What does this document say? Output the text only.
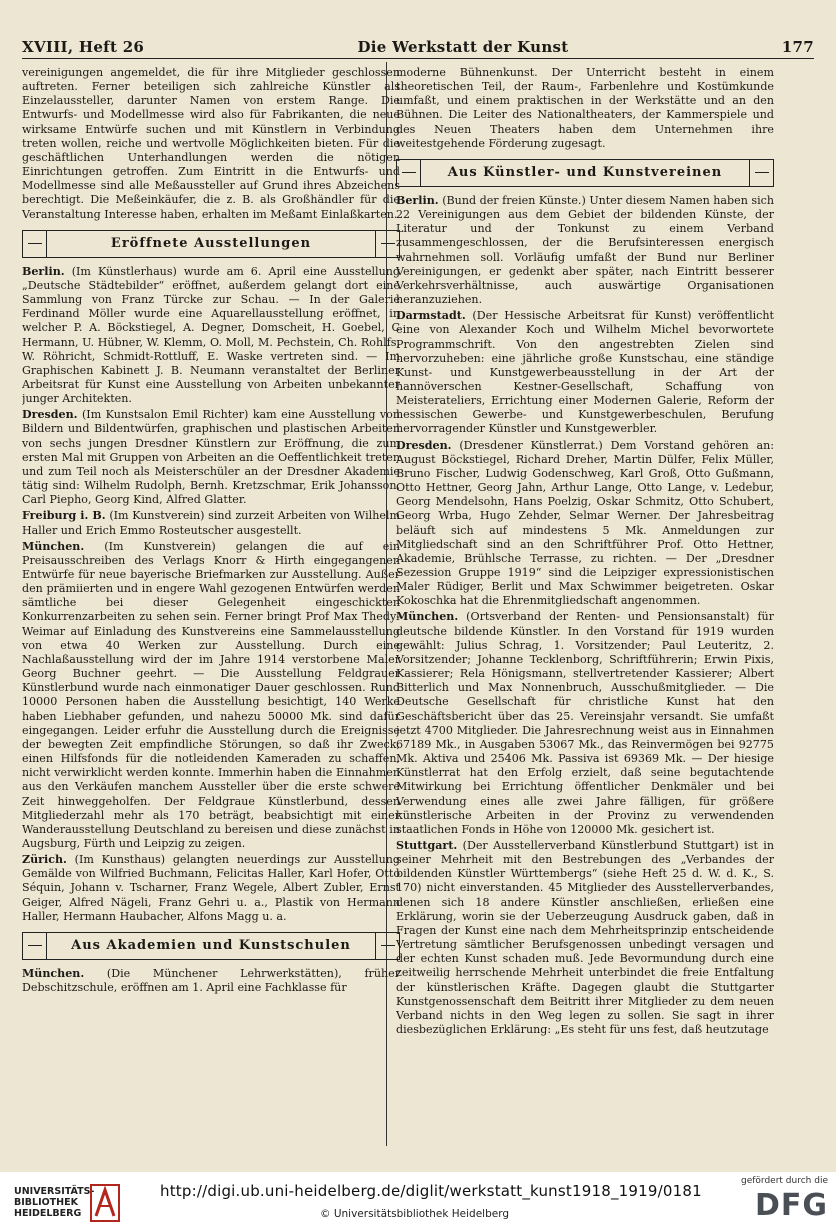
XVIII, Heft 26	Die Werkstatt der Kunst	177

vereinigungen angemeldet, die für ihre Mitglieder geschlossen auftreten. Ferner beteiligen sich zahlreiche Künstler als Einzelaussteller, darunter Namen von erstem Range. Die Entwurfs- und Modellmesse wird also für Fabrikanten, die neue wirksame Entwürfe suchen und mit Künstlern in Verbindung treten wollen, reiche und wertvolle Möglichkeiten bieten. Für die geschäftlichen Unterhandlungen werden die nötigen Einrichtungen getroffen. Zum Eintritt in die Entwurfs- und Modellmesse sind alle Meßaussteller auf Grund ihres Abzeichens berechtigt. Die Meßeinkäufer, die z. B. als Großhändler für die Veranstaltung Interesse haben, erhalten im Meßamt Einlaßkarten.

Eröffnete Ausstellungen

Berlin. (Im Künstlerhaus) wurde am 6. April eine Ausstellung „Deutsche Städtebilder“ eröffnet, außerdem gelangt dort eine Sammlung von Franz Türcke zur Schau. — In der Galerie Ferdinand Möller wurde eine Aquarellausstellung eröffnet, in welcher P. A. Böckstiegel, A. Degner, Domscheit, H. Goebel, C Hermann, U. Hübner, W. Klemm, O. Moll, M. Pechstein, Ch. Rohlfs, W. Röhricht, Schmidt-Rottluff, E. Waske vertreten sind. — Im Graphischen Kabinett J. B. Neumann veranstaltet der Berliner Arbeitsrat für Kunst eine Ausstellung von Arbeiten unbekannter junger Architekten.

Dresden. (Im Kunstsalon Emil Richter) kam eine Ausstellung von Bildern und Bildentwürfen, graphischen und plastischen Arbeiten von sechs jungen Dresdner Künstlern zur Eröffnung, die zum ersten Mal mit Gruppen von Arbeiten an die Oeffentlichkeit treten und zum Teil noch als Meisterschüler an der Dresdner Akademie tätig sind: Wilhelm Rudolph, Bernh. Kretzschmar, Erik Johansson, Carl Piepho, Georg Kind, Alfred Glatter.

Freiburg i. B. (Im Kunstverein) sind zurzeit Arbeiten von Wilhelm Haller und Erich Emmo Rosteutscher ausgestellt.

München. (Im Kunstverein) gelangen die auf ein Preisausschreiben des Verlags Knorr & Hirth eingegangenen Entwürfe für neue bayerische Briefmarken zur Ausstellung. Außer den prämiierten und in engere Wahl gezogenen Entwürfen werden sämtliche bei dieser Gelegenheit eingeschickten Konkurrenzarbeiten zu sehen sein. Ferner bringt Prof Max Thedy-Weimar auf Einladung des Kunstvereins eine Sammelausstellung von etwa 40 Werken zur Ausstellung. Durch eine Nachlaßausstellung wird der im Jahre 1914 verstorbene Maler Georg Buchner geehrt. — Die Ausstellung Feldgrauer Künstlerbund wurde nach einmonatiger Dauer geschlossen. Rund 10000 Personen haben die Ausstellung besichtigt, 140 Werke haben Liebhaber gefunden, und nahezu 50000 Mk. sind dafür eingegangen. Leider erfuhr die Ausstellung durch die Ereignisse der bewegten Zeit empfindliche Störungen, so daß ihr Zweck, einen Hilfsfonds für die notleidenden Kameraden zu schaffen, nicht verwirklicht werden konnte. Immerhin haben die Einnahmen aus den Verkäufen manchem Aussteller über die erste schwere Zeit hinweggeholfen. Der Feldgraue Künstlerbund, dessen Mitgliederzahl mehr als 170 beträgt, beabsichtigt mit einer Wanderausstellung Deutschland zu bereisen und diese zunächst in Augsburg, Fürth und Leipzig zu zeigen.

Zürich. (Im Kunsthaus) gelangten neuerdings zur Ausstellung Gemälde von Wilfried Buchmann, Felicitas Haller, Karl Hofer, Otto Séquin, Johann v. Tscharner, Franz Wegele, Albert Zubler, Ernst Geiger, Alfred Nägeli, Franz Gehri u. a., Plastik von Hermann Haller, Hermann Haubacher, Alfons Magg u. a.

Aus Akademien und Kunstschulen

München. (Die Münchener Lehrwerkstätten), früher Debschitzschule, eröffnen am 1. April eine Fachklasse für

moderne Bühnenkunst. Der Unterricht besteht in einem theoretischen Teil, der Raum-, Farbenlehre und Kostümkunde umfaßt, und einem praktischen in der Werkstätte und an den Bühnen. Die Leiter des Nationaltheaters, der Kammerspiele und des Neuen Theaters haben dem Unternehmen ihre weitestgehende Förderung zugesagt.

Aus Künstler- und Kunstvereinen

Berlin. (Bund der freien Künste.) Unter diesem Namen haben sich 22 Vereinigungen aus dem Gebiet der bildenden Künste, der Literatur und der Tonkunst zu einem Verband zusammengeschlossen, der die Berufsinteressen energisch wahrnehmen soll. Vorläufig umfaßt der Bund nur Berliner Vereinigungen, er gedenkt aber später, nach Eintritt besserer Verkehrsverhältnisse, auch auswärtige Organisationen heranzuziehen.

Darmstadt. (Der Hessische Arbeitsrat für Kunst) veröffentlicht eine von Alexander Koch und Wilhelm Michel bevorwortete Programmschrift. Von den angestrebten Zielen sind hervorzuheben: eine jährliche große Kunstschau, eine ständige Kunst- und Kunstgewerbeausstellung in der Art der hannöverschen Kestner-Gesellschaft, Schaffung von Meisterateliers, Errichtung einer Modernen Galerie, Reform der hessischen Gewerbe- und Kunstgewerbeschulen, Berufung hervorragender Künstler und Kunstgewerbler.

Dresden. (Dresdener Künstlerrat.) Dem Vorstand gehören an: August Böckstiegel, Richard Dreher, Martin Dülfer, Felix Müller, Bruno Fischer, Ludwig Godenschweg, Karl Groß, Otto Gußmann, Otto Hettner, Georg Jahn, Arthur Lange, Otto Lange, v. Ledebur, Georg Mendelsohn, Hans Poelzig, Oskar Schmitz, Otto Schubert, Georg Wrba, Hugo Zehder, Selmar Werner. Der Jahresbeitrag beläuft sich auf mindestens 5 Mk. Anmeldungen zur Mitgliedschaft sind an den Schriftführer Prof. Otto Hettner, Akademie, Brühlsche Terrasse, zu richten. — Der „Dresdner Sezession Gruppe 1919“ sind die Leipziger expressionistischen Maler Rüdiger, Berlit und Max Schwimmer beigetreten. Oskar Kokoschka hat die Ehrenmitgliedschaft angenommen.

München. (Ortsverband der Renten- und Pensionsanstalt) für deutsche bildende Künstler. In den Vorstand für 1919 wurden gewählt: Julius Schrag, 1. Vorsitzender; Paul Leuteritz, 2. Vorsitzender; Johanne Tecklenborg, Schriftführerin; Erwin Pixis, Kassierer; Rela Hönigsmann, stellvertretender Kassierer; Albert Bitterlich und Max Nonnenbruch, Ausschußmitglieder. — Die Deutsche Gesellschaft für christliche Kunst hat den Geschäftsbericht über das 25. Vereinsjahr versandt. Sie umfaßt jetzt 4700 Mitglieder. Die Jahresrechnung weist aus in Einnahmen 67189 Mk., in Ausgaben 53067 Mk., das Reinvermögen bei 92775 Mk. Aktiva und 25406 Mk. Passiva ist 69369 Mk. — Der hiesige Künstlerrat hat den Erfolg erzielt, daß seine begutachtende Mitwirkung bei Errichtung öffentlicher Denkmäler und bei Verwendung eines alle zwei Jahre fälligen, für größere künstlerische Arbeiten in der Provinz zu verwendenden staatlichen Fonds in Höhe von 120000 Mk. gesichert ist.

Stuttgart. (Der Ausstellerverband Künstlerbund Stuttgart) ist in seiner Mehrheit mit den Bestrebungen des „Verbandes der bildenden Künstler Württembergs“ (siehe Heft 25 d. W. d. K., S. 170) nicht einverstanden. 45 Mitglieder des Ausstellerverbandes, denen sich 18 andere Künstler anschließen, erließen eine Erklärung, worin sie der Ueberzeugung Ausdruck gaben, daß in Fragen der Kunst eine nach dem Mehrheitsprinzip entscheidende Vertretung sämtlicher Berufsgenossen unbedingt versagen und der echten Kunst schaden muß. Jede Bevormundung durch eine zeitweilig herrschende Mehrheit unterbindet die freie Entfaltung der künstlerischen Kräfte. Dagegen glaubt die Stuttgarter Kunstgenossenschaft dem Beitritt ihrer Mitglieder zu dem neuen Verband nichts in den Weg legen zu sollen. Sie sagt in ihrer diesbezüglichen Erklärung: „Es steht für uns fest, daß heutzutage

UNIVERSITÄTS-
BIBLIOTHEK
HEIDELBERG
http://digi.ub.uni-heidelberg.de/diglit/werkstatt_kunst1918_1919/0181
© Universitätsbibliothek Heidelberg
gefördert durch die
DFG
